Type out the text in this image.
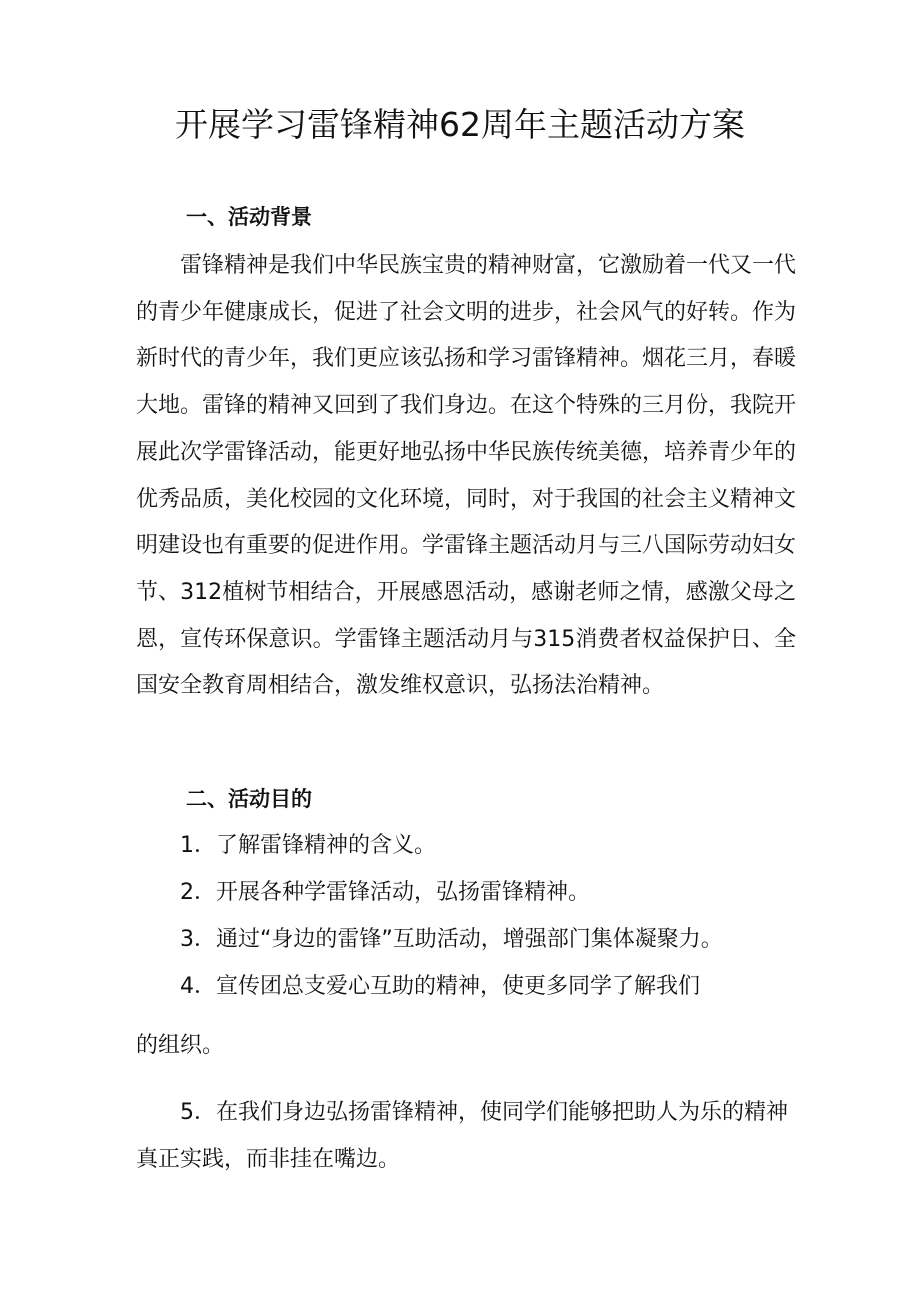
开展学习雷锋精神62周年主题活动方案
一、活动背景

雷锋精神是我们中华民族宝贵的精神财富，它激励着一代又一代的青少年健康成长，促进了社会文明的进步，社会风气的好转。作为新时代的青少年，我们更应该弘扬和学习雷锋精神。烟花三月，春暖大地。雷锋的精神又回到了我们身边。在这个特殊的三月份，我院开展此次学雷锋活动，能更好地弘扬中华民族传统美德，培养青少年的优秀品质，美化校园的文化环境，同时，对于我国的社会主义精神文明建设也有重要的促进作用。学雷锋主题活动月与三八国际劳动妇女节、312植树节相结合，开展感恩活动，感谢老师之情，感激父母之恩，宣传环保意识。学雷锋主题活动月与315消费者权益保护日、全国安全教育周相结合，激发维权意识，弘扬法治精神。

二、活动目的

1．了解雷锋精神的含义。

2．开展各种学雷锋活动，弘扬雷锋精神。

3．通过“身边的雷锋”互助活动，增强部门集体凝聚力。

4．宣传团总支爱心互助的精神，使更多同学了解我们

的组织。

5．在我们身边弘扬雷锋精神，使同学们能够把助人为乐的精神真正实践，而非挂在嘴边。
